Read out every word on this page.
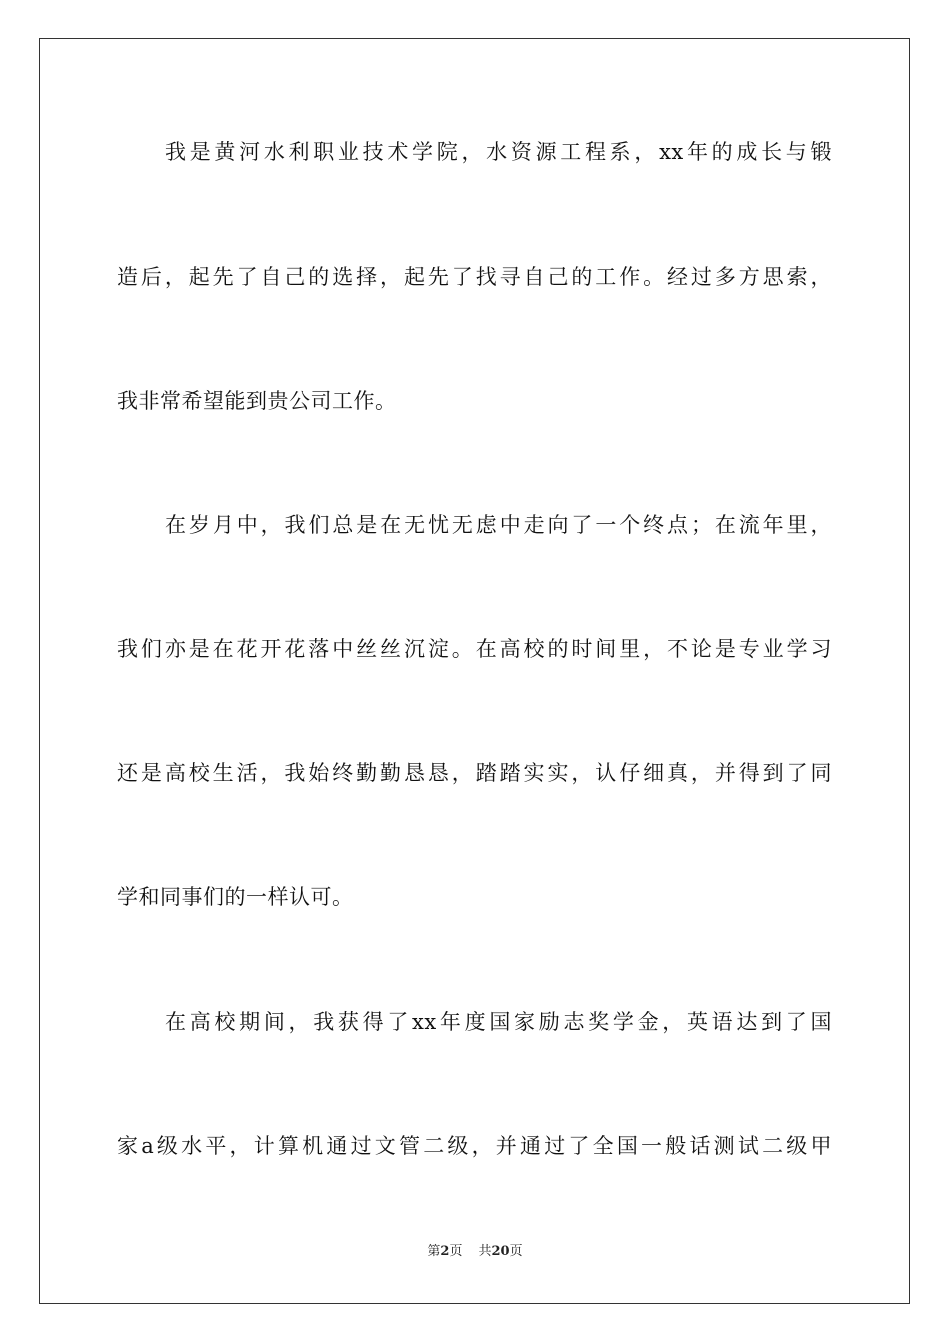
我是黄河水利职业技术学院，水资源工程系，xx年的成长与锻
造后，起先了自己的选择，起先了找寻自己的工作。经过多方思索，
我非常希望能到贵公司工作。
在岁月中，我们总是在无忧无虑中走向了一个终点；在流年里，
我们亦是在花开花落中丝丝沉淀。在高校的时间里，不论是专业学习
还是高校生活，我始终勤勤恳恳，踏踏实实，认仔细真，并得到了同
学和同事们的一样认可。
在高校期间，我获得了xx年度国家励志奖学金，英语达到了国
家a级水平，计算机通过文管二级，并通过了全国一般话测试二级甲
第2页 共20页
